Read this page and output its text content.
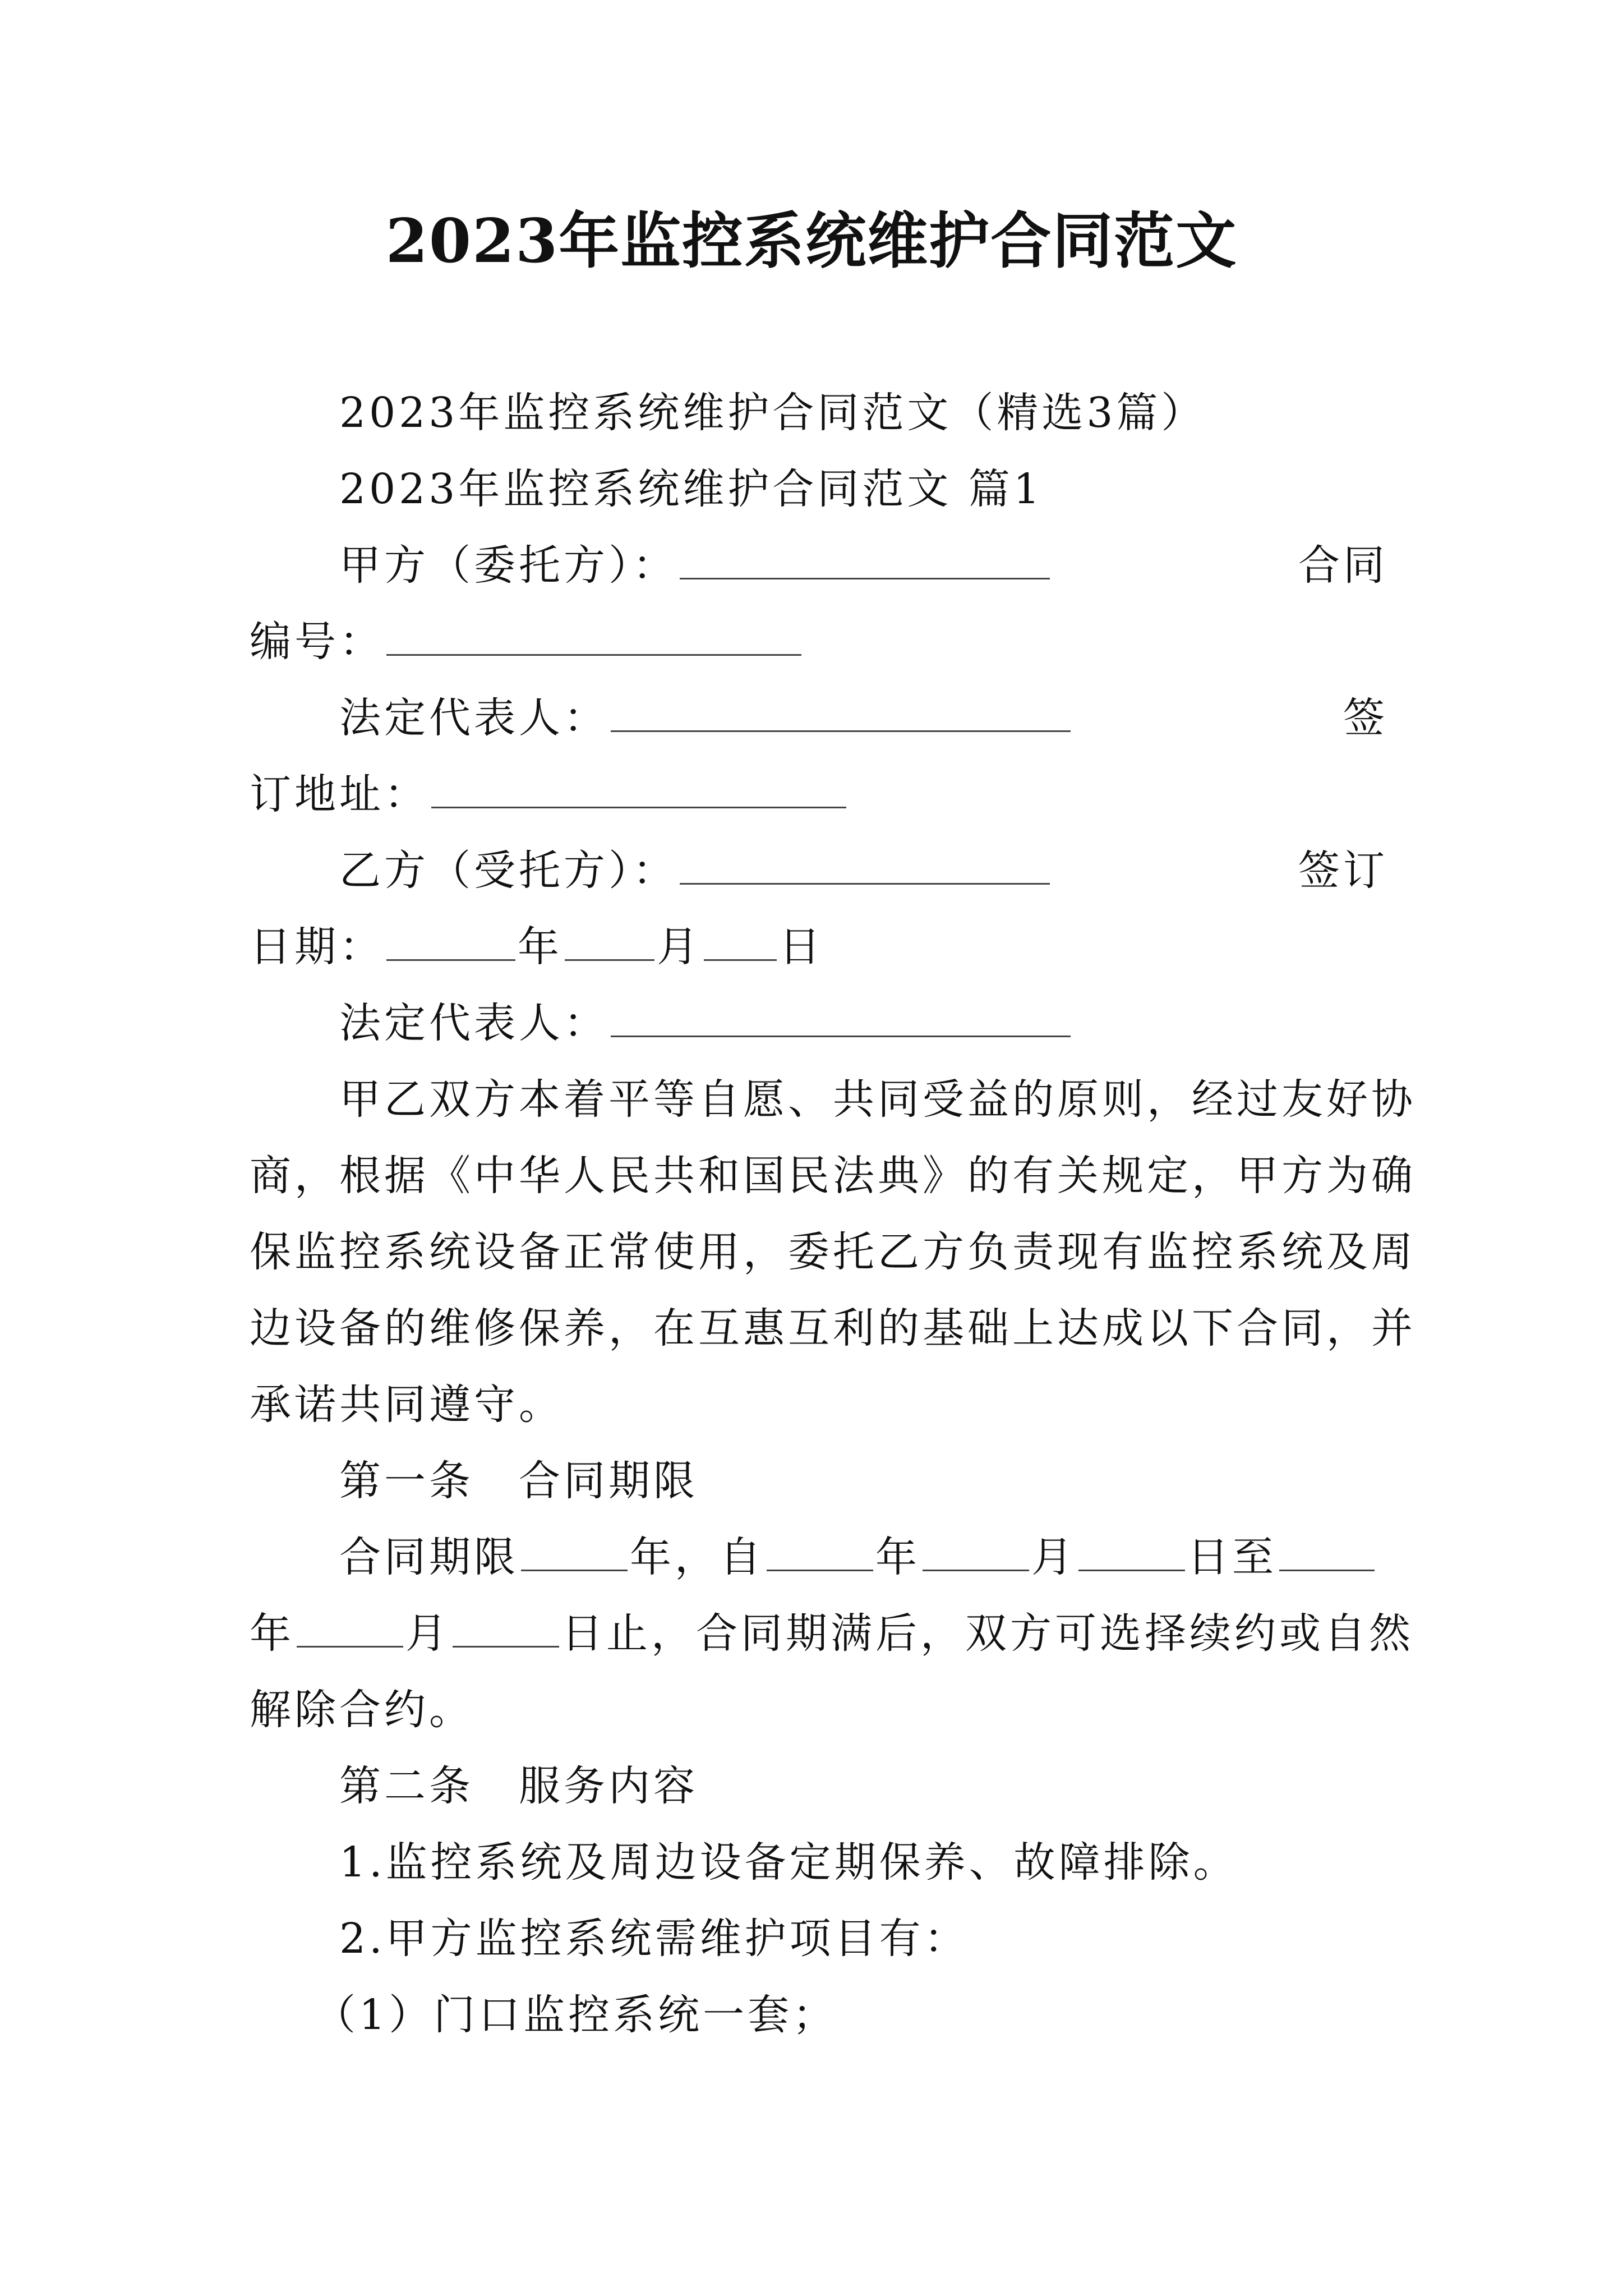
2023年监控系统维护合同范文
2023年监控系统维护合同范文（精选3篇）
2023年监控系统维护合同范文 篇1
甲方（委托方）：	合同
编号：
法定代表人：	签
订地址：
乙方（受托方）：	签订
日期：	年 月 日
法定代表人：
甲乙双方本着平等自愿、共同受益的原则，经过友好协
商，根据《中华人民共和国民法典》的有关规定，甲方为确
保监控系统设备正常使用，委托乙方负责现有监控系统及周
边设备的维修保养，在互惠互利的基础上达成以下合同，并
承诺共同遵守。
第一条　合同期限
合同期限	年，自	年	月	日至
年	月	日止，合同期满后，双方可选择续约或自然
解除合约。
第二条　服务内容
1.监控系统及周边设备定期保养、故障排除。
2.甲方监控系统需维护项目有：
（1）门口监控系统一套；
